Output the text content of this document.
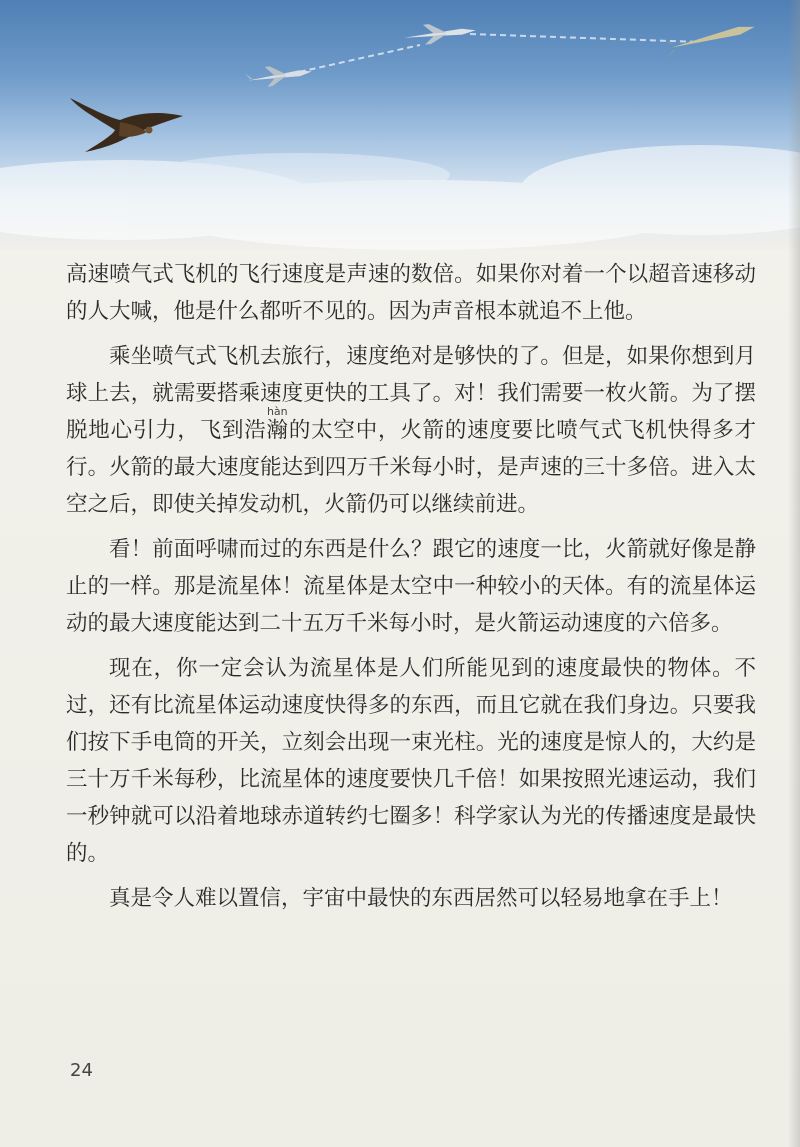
高速喷气式飞机的飞行速度是声速的数倍。如果你对着一个以超音速移动的人大喊，他是什么都听不见的。因为声音根本就追不上他。

乘坐喷气式飞机去旅行，速度绝对是够快的了。但是，如果你想到月球上去，就需要搭乘速度更快的工具了。对！我们需要一枚火箭。为了摆脱地心引力，飞到浩瀚hàn的太空中，火箭的速度要比喷气式飞机快得多才行。火箭的最大速度能达到四万千米每小时，是声速的三十多倍。进入太空之后，即使关掉发动机，火箭仍可以继续前进。

看！前面呼啸而过的东西是什么？跟它的速度一比，火箭就好像是静止的一样。那是流星体！流星体是太空中一种较小的天体。有的流星体运动的最大速度能达到二十五万千米每小时，是火箭运动速度的六倍多。

现在，你一定会认为流星体是人们所能见到的速度最快的物体。不过，还有比流星体运动速度快得多的东西，而且它就在我们身边。只要我们按下手电筒的开关，立刻会出现一束光柱。光的速度是惊人的，大约是三十万千米每秒，比流星体的速度要快几千倍！如果按照光速运动，我们一秒钟就可以沿着地球赤道转约七圈多！科学家认为光的传播速度是最快的。

真是令人难以置信，宇宙中最快的东西居然可以轻易地拿在手上！

24
